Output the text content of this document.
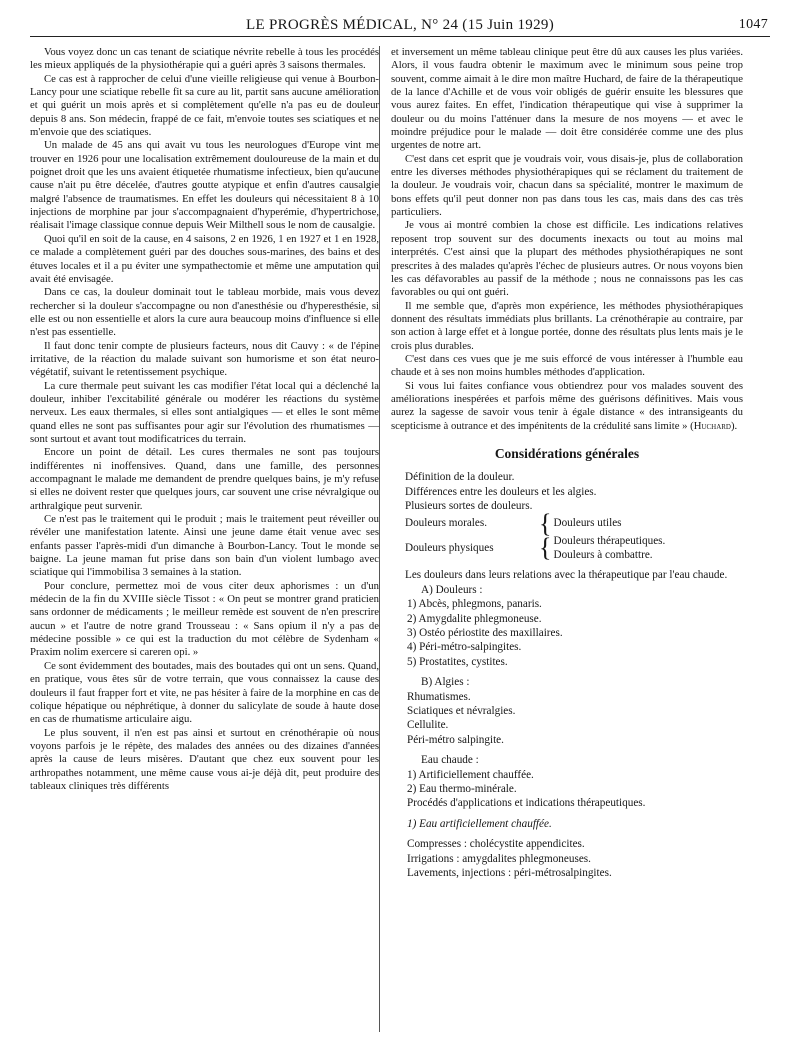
LE PROGRÈS MÉDICAL, N° 24 (15 Juin 1929)	1047

Vous voyez donc un cas tenant de sciatique névrite rebelle à tous les procédés les mieux appliqués de la physiothérapie qui a guéri après 3 saisons thermales.

Ce cas est à rapprocher de celui d'une vieille religieuse qui venue à Bourbon-Lancy pour une sciatique rebelle fit sa cure au lit, partit sans aucune amélioration et qui guérit un mois après et si complètement qu'elle n'a pas eu de douleur depuis 8 ans. Son médecin, frappé de ce fait, m'envoie toutes ses sciatiques et ne m'envoie que des sciatiques.

Un malade de 45 ans qui avait vu tous les neurologues d'Europe vint me trouver en 1926 pour une localisation extrêmement douloureuse de la main et du poignet droit que les uns avaient étiquetée rhumatisme infectieux, bien qu'aucune cause n'ait pu être décelée, d'autres goutte atypique et enfin d'autres causalgie malgré l'absence de traumatismes. En effet les douleurs qui nécessitaient 8 à 10 injections de morphine par jour s'accompagnaient d'hyperémie, d'hypertrichose, réalisait l'image classique connue depuis Weir Milthell sous le nom de causalgie.

Quoi qu'il en soit de la cause, en 4 saisons, 2 en 1926, 1 en 1927 et 1 en 1928, ce malade a complètement guéri par des douches sous-marines, des bains et des étuves locales et il a pu éviter une sympathectomie et même une amputation qui avait été envisagée.

Dans ce cas, la douleur dominait tout le tableau morbide, mais vous devez rechercher si la douleur s'accompagne ou non d'anesthésie ou d'hyperesthésie, si elle est ou non essentielle et alors la cure aura beaucoup moins d'influence si elle n'est pas essentielle.

Il faut donc tenir compte de plusieurs facteurs, nous dit Cauvy : « de l'épine irritative, de la réaction du malade suivant son humorisme et son état neuro-végétatif, suivant le retentissement psychique.

La cure thermale peut suivant les cas modifier l'état local qui a déclenché la douleur, inhiber l'excitabilité générale ou modérer les réactions du système nerveux. Les eaux thermales, si elles sont antialgiques — et elles le sont même quand elles ne sont pas suffisantes pour agir sur l'évolution des rhumatismes — sont surtout et avant tout modificatrices du terrain.

Encore un point de détail. Les cures thermales ne sont pas toujours indifférentes ni inoffensives. Quand, dans une famille, des personnes accompagnant le malade me demandent de prendre quelques bains, je m'y refuse si elles ne doivent rester que quelques jours, car souvent une crise névralgique ou arthralgique peut survenir.

Ce n'est pas le traitement qui le produit ; mais le traitement peut réveiller ou révéler une manifestation latente. Ainsi une jeune dame était venue avec ses enfants passer l'après-midi d'un dimanche à Bourbon-Lancy. Tout le monde se baigne. La jeune maman fut prise dans son bain d'un violent lumbago avec sciatique qui l'immobilisa 3 semaines à la station.

Pour conclure, permettez moi de vous citer deux aphorismes : un d'un médecin de la fin du XVIIIe siècle Tissot : « On peut se montrer grand praticien sans ordonner de médicaments ; le meilleur remède est souvent de n'en prescrire aucun » et l'autre de notre grand Trousseau : « Sans opium il n'y a pas de médecine possible » ce qui est la traduction du mot célèbre de Sydenham « Praxim nolim exercere si careren opi. »

Ce sont évidemment des boutades, mais des boutades qui ont un sens. Quand, en pratique, vous êtes sûr de votre terrain, que vous connaissez la cause des douleurs il faut frapper fort et vite, ne pas hésiter à faire de la morphine en cas de colique hépatique ou néphrétique, à donner du salicylate de soude à haute dose en cas de rhumatisme articulaire aigu.

Le plus souvent, il n'en est pas ainsi et surtout en crénothérapie où nous voyons parfois je le répète, des malades des années ou des dizaines d'années après la cause de leurs misères. D'autant que chez eux souvent pour les arthropathes notamment, une même cause vous ai-je déjà dit, peut produire des tableaux cliniques très différents

et inversement un même tableau clinique peut être dû aux causes les plus variées. Alors, il vous faudra obtenir le maximum avec le minimum sous peine trop souvent, comme aimait à le dire mon maître Huchard, de faire de la thérapeutique de la lance d'Achille et de vous voir obligés de guérir ensuite les blessures que vous aurez faites. En effet, l'indication thérapeutique qui vise à supprimer la douleur ou du moins l'atténuer dans la mesure de nos moyens — et avec le moindre préjudice pour le malade — doit être considérée comme une des plus urgentes de notre art.

C'est dans cet esprit que je voudrais voir, vous disais-je, plus de collaboration entre les diverses méthodes physiothérapiques qui se réclament du traitement de la douleur. Je voudrais voir, chacun dans sa spécialité, montrer le maximum de bons effets qu'il peut donner non pas dans tous les cas, mais dans des cas très particuliers.

Je vous ai montré combien la chose est difficile. Les indications relatives reposent trop souvent sur des documents inexacts ou tout au moins mal interprétés. C'est ainsi que la plupart des méthodes physiothérapiques ne sont prescrites à des malades qu'après l'échec de plusieurs autres. Or nous voyons bien les cas défavorables au passif de la méthode ; nous ne connaissons pas les cas favorables ou qui ont guéri.

Il me semble que, d'après mon expérience, les méthodes physiothérapiques donnent des résultats immédiats plus brillants. La crénothérapie au contraire, par son action à large effet et à longue portée, donne des résultats plus lents mais je le crois plus durables.

C'est dans ces vues que je me suis efforcé de vous intéresser à l'humble eau chaude et à ses non moins humbles méthodes d'application.

Si vous lui faites confiance vous obtiendrez pour vos malades souvent des améliorations inespérées et parfois même des guérisons définitives. Mais vous aurez la sagesse de savoir vous tenir à égale distance « des intransigeants du scepticisme à outrance et des impénitents de la crédulité sans limite » (Huchard).

Considérations générales
Définition de la douleur.
Différences entre les douleurs et les algies.
Plusieurs sortes de douleurs.
Douleurs morales.	{ Douleurs utiles
Douleurs physiques	{ Douleurs thérapeutiques.
Douleurs à combattre.
Les douleurs dans leurs relations avec la thérapeutique par l'eau chaude.
A) Douleurs :
1) Abcès, phlegmons, panaris.
2) Amygdalite phlegmoneuse.
3) Ostéo périostite des maxillaires.
4) Péri-métro-salpingites.
5) Prostatites, cystites.
B) Algies :
Rhumatismes.
Sciatiques et névralgies.
Cellulite.
Péri-métro salpingite.
Eau chaude :
1) Artificiellement chauffée.
2) Eau thermo-minérale.
Procédés d'applications et indications thérapeutiques.
1) Eau artificiellement chauffée.
Compresses : cholécystite appendicites.
Irrigations : amygdalites phlegmoneuses.
Lavements, injections : péri-métrosalpingites.
